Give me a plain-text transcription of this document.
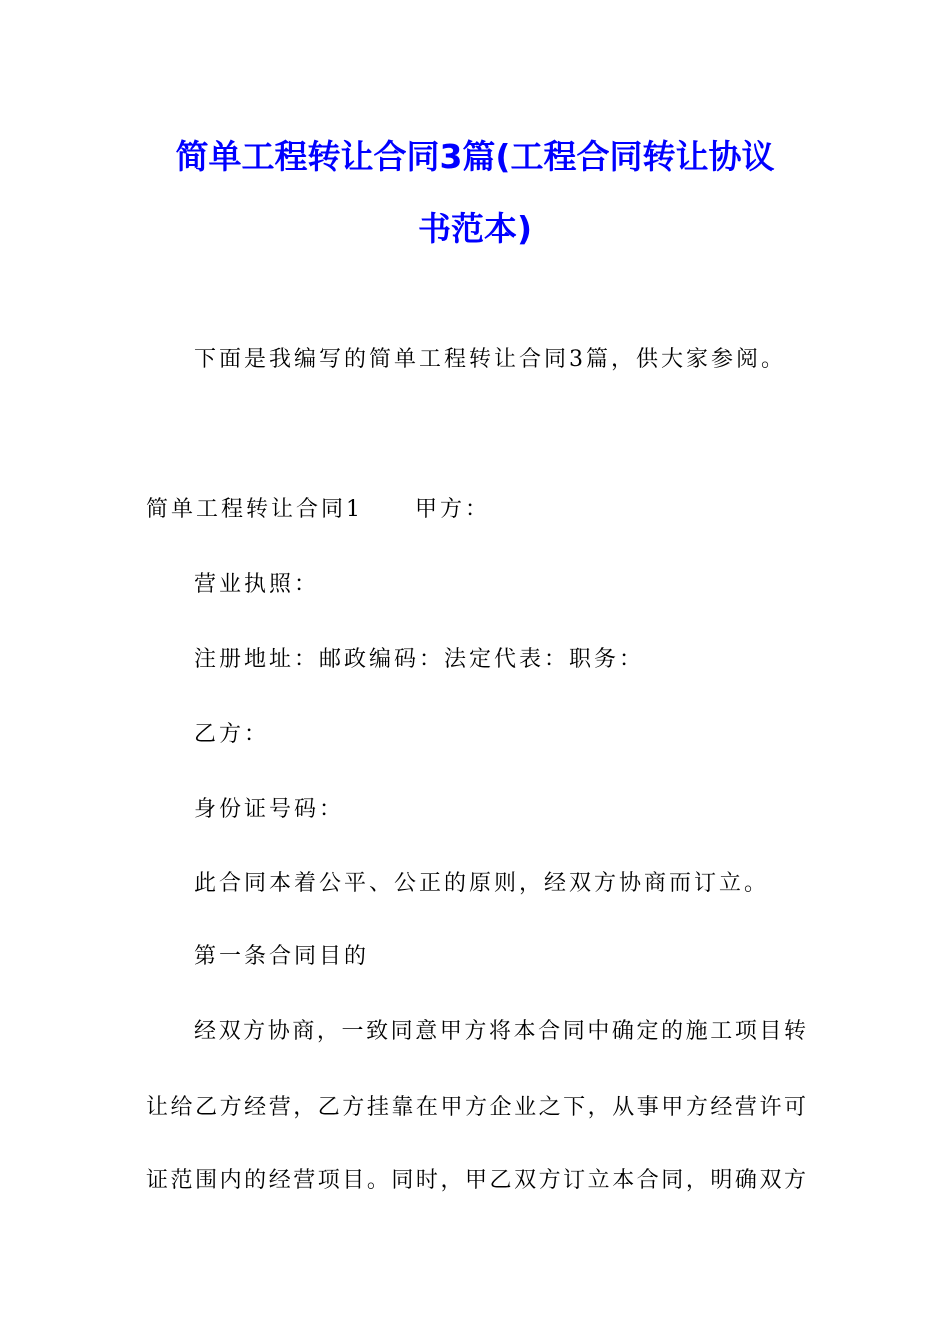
简单工程转让合同3篇(工程合同转让协议
书范本)
下面是我编写的简单工程转让合同3篇，供大家参阅。
简单工程转让合同1 甲方：
营业执照：
注册地址：邮政编码：法定代表：职务：
乙方：
身份证号码：
此合同本着公平、公正的原则，经双方协商而订立。
第一条合同目的
经双方协商，一致同意甲方将本合同中确定的施工项目转
让给乙方经营，乙方挂靠在甲方企业之下，从事甲方经营许可
证范围内的经营项目。同时，甲乙双方订立本合同，明确双方
